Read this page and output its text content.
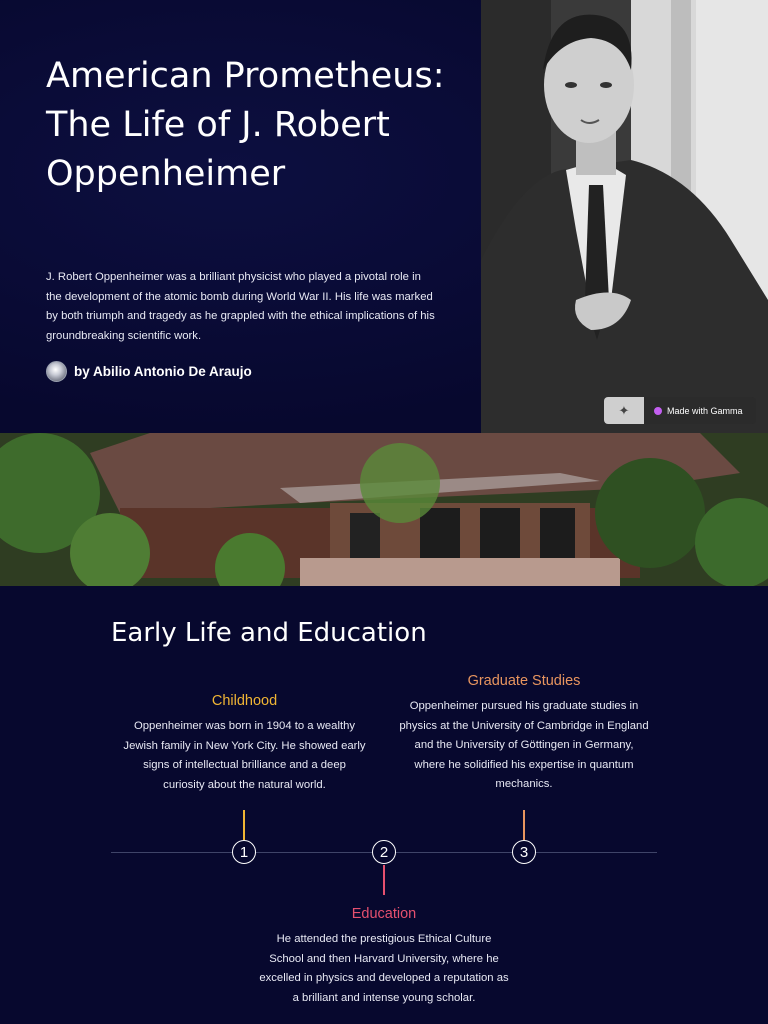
American Prometheus: The Life of J. Robert Oppenheimer

J. Robert Oppenheimer was a brilliant physicist who played a pivotal role in the development of the atomic bomb during World War II. His life was marked by both triumph and tragedy as he grappled with the ethical implications of his groundbreaking scientific work.

by Abilio Antonio De Araujo
✦	Made with Gamma
Early Life and Education
Childhood

Oppenheimer was born in 1904 to a wealthy Jewish family in New York City. He showed early signs of intellectual brilliance and a deep curiosity about the natural world.

Graduate Studies

Oppenheimer pursued his graduate studies in physics at the University of Cambridge in England and the University of Göttingen in Germany, where he solidified his expertise in quantum mechanics.

1	2	3
Education

He attended the prestigious Ethical Culture School and then Harvard University, where he excelled in physics and developed a reputation as a brilliant and intense young scholar.
